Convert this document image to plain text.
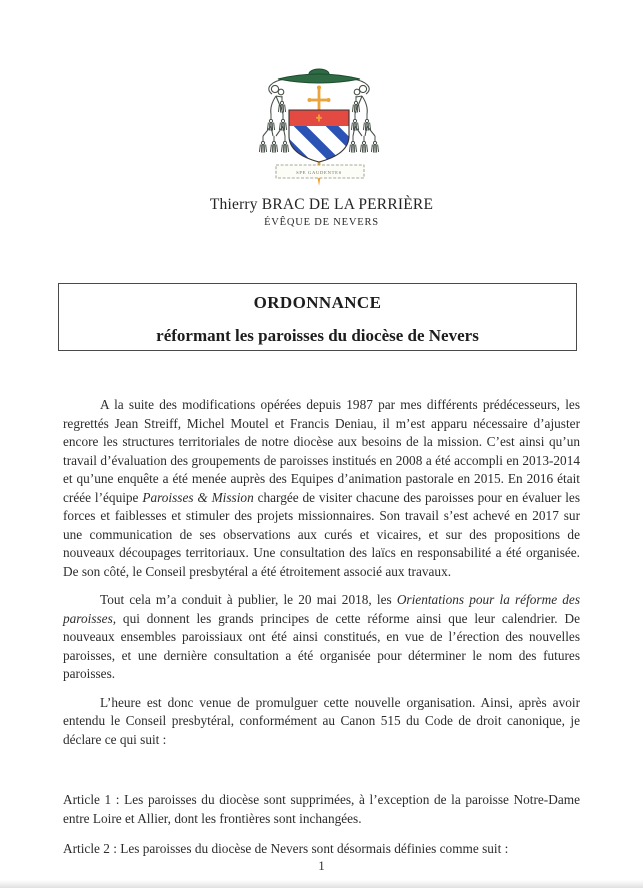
SPE GAUDENTES
Thierry BRAC DE LA PERRIÈRE
ÉVÊQUE DE NEVERS
ORDONNANCE
réformant les paroisses du diocèse de Nevers

A la suite des modifications opérées depuis 1987 par mes différents prédécesseurs, les regrettés Jean Streiff, Michel Moutel et Francis Deniau, il m’est apparu nécessaire d’ajuster encore les structures territoriales de notre diocèse aux besoins de la mission. C’est ainsi qu’un travail d’évaluation des groupements de paroisses institués en 2008 a été accompli en 2013-2014 et qu’une enquête a été menée auprès des Equipes d’animation pastorale en 2015. En 2016 était créée l’équipe Paroisses & Mission chargée de visiter chacune des paroisses pour en évaluer les forces et faiblesses et stimuler des projets missionnaires. Son travail s’est achevé en 2017 sur une communication de ses observations aux curés et vicaires, et sur des propositions de nouveaux découpages territoriaux. Une consultation des laïcs en responsabilité a été organisée. De son côté, le Conseil presbytéral a été étroitement associé aux travaux.

Tout cela m’a conduit à publier, le 20 mai 2018, les Orientations pour la réforme des paroisses, qui donnent les grands principes de cette réforme ainsi que leur calendrier. De nouveaux ensembles paroissiaux ont été ainsi constitués, en vue de l’érection des nouvelles paroisses, et une dernière consultation a été organisée pour déterminer le nom des futures paroisses.

L’heure est donc venue de promulguer cette nouvelle organisation. Ainsi, après avoir entendu le Conseil presbytéral, conformément au Canon 515 du Code de droit canonique, je déclare ce qui suit :

Article 1 : Les paroisses du diocèse sont supprimées, à l’exception de la paroisse Notre-Dame entre Loire et Allier, dont les frontières sont inchangées.

Article 2 : Les paroisses du diocèse de Nevers sont désormais définies comme suit :

1
